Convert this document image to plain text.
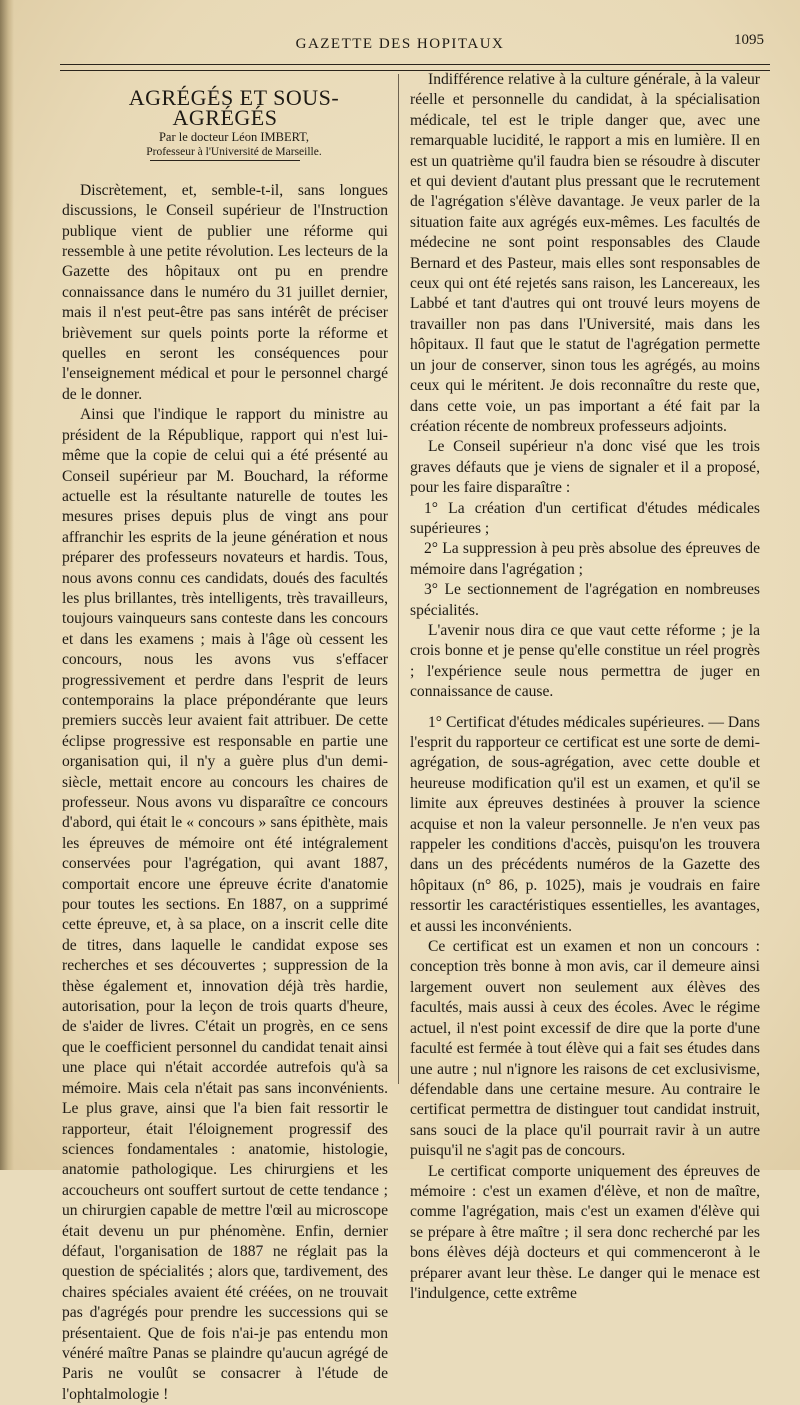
GAZETTE DES HOPITAUX	1095

AGRÉGÉS ET SOUS-AGRÉGÉS

Par le docteur Léon IMBERT,

Professeur à l'Université de Marseille.

Discrètement, et, semble-t-il, sans longues discussions, le Conseil supérieur de l'Instruction publique vient de publier une réforme qui ressemble à une petite révolution. Les lecteurs de la Gazette des hôpitaux ont pu en prendre connaissance dans le numéro du 31 juillet dernier, mais il n'est peut-être pas sans intérêt de préciser brièvement sur quels points porte la réforme et quelles en seront les conséquences pour l'enseignement médical et pour le personnel chargé de le donner.

Ainsi que l'indique le rapport du ministre au président de la République, rapport qui n'est lui-même que la copie de celui qui a été présenté au Conseil supérieur par M. Bouchard, la réforme actuelle est la résultante naturelle de toutes les mesures prises depuis plus de vingt ans pour affranchir les esprits de la jeune génération et nous préparer des professeurs novateurs et hardis. Tous, nous avons connu ces candidats, doués des facultés les plus brillantes, très intelligents, très travailleurs, toujours vainqueurs sans conteste dans les concours et dans les examens ; mais à l'âge où cessent les concours, nous les avons vus s'effacer progressivement et perdre dans l'esprit de leurs contemporains la place prépondérante que leurs premiers succès leur avaient fait attribuer. De cette éclipse progressive est responsable en partie une organisation qui, il n'y a guère plus d'un demi-siècle, mettait encore au concours les chaires de professeur. Nous avons vu disparaître ce concours d'abord, qui était le « concours » sans épithète, mais les épreuves de mémoire ont été intégralement conservées pour l'agrégation, qui avant 1887, comportait encore une épreuve écrite d'anatomie pour toutes les sections. En 1887, on a supprimé cette épreuve, et, à sa place, on a inscrit celle dite de titres, dans laquelle le candidat expose ses recherches et ses découvertes ; suppression de la thèse également et, innovation déjà très hardie, autorisation, pour la leçon de trois quarts d'heure, de s'aider de livres. C'était un progrès, en ce sens que le coefficient personnel du candidat tenait ainsi une place qui n'était accordée autrefois qu'à sa mémoire. Mais cela n'était pas sans inconvénients. Le plus grave, ainsi que l'a bien fait ressortir le rapporteur, était l'éloignement progressif des sciences fondamentales : anatomie, histologie, anatomie pathologique. Les chirurgiens et les accoucheurs ont souffert surtout de cette tendance ; un chirurgien capable de mettre l'œil au microscope était devenu un pur phénomène. Enfin, dernier défaut, l'organisation de 1887 ne réglait pas la question de spécialités ; alors que, tardivement, des chaires spéciales avaient été créées, on ne trouvait pas d'agrégés pour prendre les successions qui se présentaient. Que de fois n'ai-je pas entendu mon vénéré maître Panas se plaindre qu'aucun agrégé de Paris ne voulût se consacrer à l'étude de l'ophtalmologie !

Indifférence relative à la culture générale, à la valeur réelle et personnelle du candidat, à la spécialisation médicale, tel est le triple danger que, avec une remarquable lucidité, le rapport a mis en lumière. Il en est un quatrième qu'il faudra bien se résoudre à discuter et qui devient d'autant plus pressant que le recrutement de l'agrégation s'élève davantage. Je veux parler de la situation faite aux agrégés eux-mêmes. Les facultés de médecine ne sont point responsables des Claude Bernard et des Pasteur, mais elles sont responsables de ceux qui ont été rejetés sans raison, les Lancereaux, les Labbé et tant d'autres qui ont trouvé leurs moyens de travailler non pas dans l'Université, mais dans les hôpitaux. Il faut que le statut de l'agrégation permette un jour de conserver, sinon tous les agrégés, au moins ceux qui le méritent. Je dois reconnaître du reste que, dans cette voie, un pas important a été fait par la création récente de nombreux professeurs adjoints.

Le Conseil supérieur n'a donc visé que les trois graves défauts que je viens de signaler et il a proposé, pour les faire disparaître :

1° La création d'un certificat d'études médicales supérieures ;

2° La suppression à peu près absolue des épreuves de mémoire dans l'agrégation ;

3° Le sectionnement de l'agrégation en nombreuses spécialités.

L'avenir nous dira ce que vaut cette réforme ; je la crois bonne et je pense qu'elle constitue un réel progrès ; l'expérience seule nous permettra de juger en connaissance de cause.

1° Certificat d'études médicales supérieures. — Dans l'esprit du rapporteur ce certificat est une sorte de demi-agrégation, de sous-agrégation, avec cette double et heureuse modification qu'il est un examen, et qu'il se limite aux épreuves destinées à prouver la science acquise et non la valeur personnelle. Je n'en veux pas rappeler les conditions d'accès, puisqu'on les trouvera dans un des précédents numéros de la Gazette des hôpitaux (n° 86, p. 1025), mais je voudrais en faire ressortir les caractéristiques essentielles, les avantages, et aussi les inconvénients.

Ce certificat est un examen et non un concours : conception très bonne à mon avis, car il demeure ainsi largement ouvert non seulement aux élèves des facultés, mais aussi à ceux des écoles. Avec le régime actuel, il n'est point excessif de dire que la porte d'une faculté est fermée à tout élève qui a fait ses études dans une autre ; nul n'ignore les raisons de cet exclusivisme, défendable dans une certaine mesure. Au contraire le certificat permettra de distinguer tout candidat instruit, sans souci de la place qu'il pourrait ravir à un autre puisqu'il ne s'agit pas de concours.

Le certificat comporte uniquement des épreuves de mémoire : c'est un examen d'élève, et non de maître, comme l'agrégation, mais c'est un examen d'élève qui se prépare à être maître ; il sera donc recherché par les bons élèves déjà docteurs et qui commenceront à le préparer avant leur thèse. Le danger qui le menace est l'indulgence, cette extrême
